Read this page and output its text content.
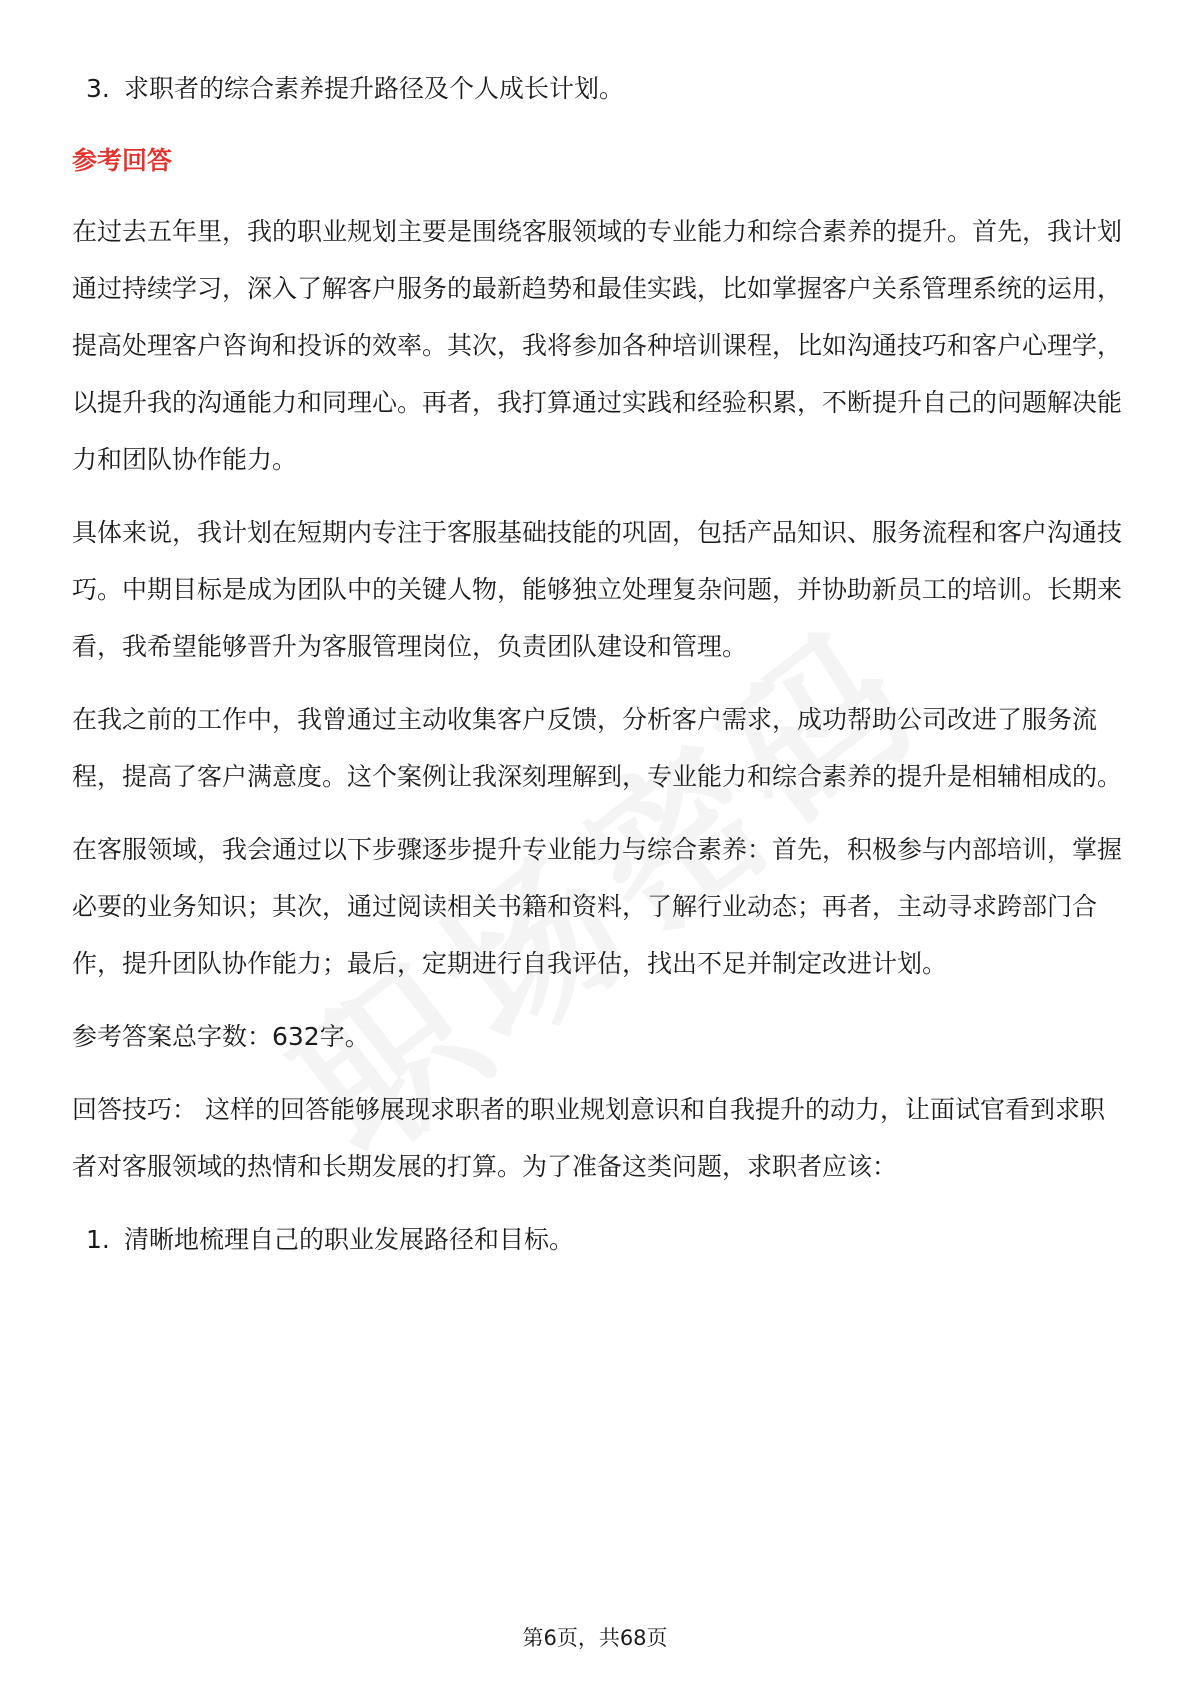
3. 求职者的综合素养提升路径及个人成长计划。
参考回答

在过去五年里，我的职业规划主要是围绕客服领域的专业能力和综合素养的提升。首先，我计划通过持续学习，深入了解客户服务的最新趋势和最佳实践，比如掌握客户关系管理系统的运用，提高处理客户咨询和投诉的效率。其次，我将参加各种培训课程，比如沟通技巧和客户心理学，以提升我的沟通能力和同理心。再者，我打算通过实践和经验积累，不断提升自己的问题解决能力和团队协作能力。

具体来说，我计划在短期内专注于客服基础技能的巩固，包括产品知识、服务流程和客户沟通技巧。中期目标是成为团队中的关键人物，能够独立处理复杂问题，并协助新员工的培训。长期来看，我希望能够晋升为客服管理岗位，负责团队建设和管理。

在我之前的工作中，我曾通过主动收集客户反馈，分析客户需求，成功帮助公司改进了服务流程，提高了客户满意度。这个案例让我深刻理解到，专业能力和综合素养的提升是相辅相成的。

在客服领域，我会通过以下步骤逐步提升专业能力与综合素养：首先，积极参与内部培训，掌握必要的业务知识；其次，通过阅读相关书籍和资料，了解行业动态；再者，主动寻求跨部门合作，提升团队协作能力；最后，定期进行自我评估，找出不足并制定改进计划。

参考答案总字数：632字。

回答技巧： 这样的回答能够展现求职者的职业规划意识和自我提升的动力，让面试官看到求职者对客服领域的热情和长期发展的打算。为了准备这类问题，求职者应该：

1. 清晰地梳理自己的职业发展路径和目标。
第6页，共68页
